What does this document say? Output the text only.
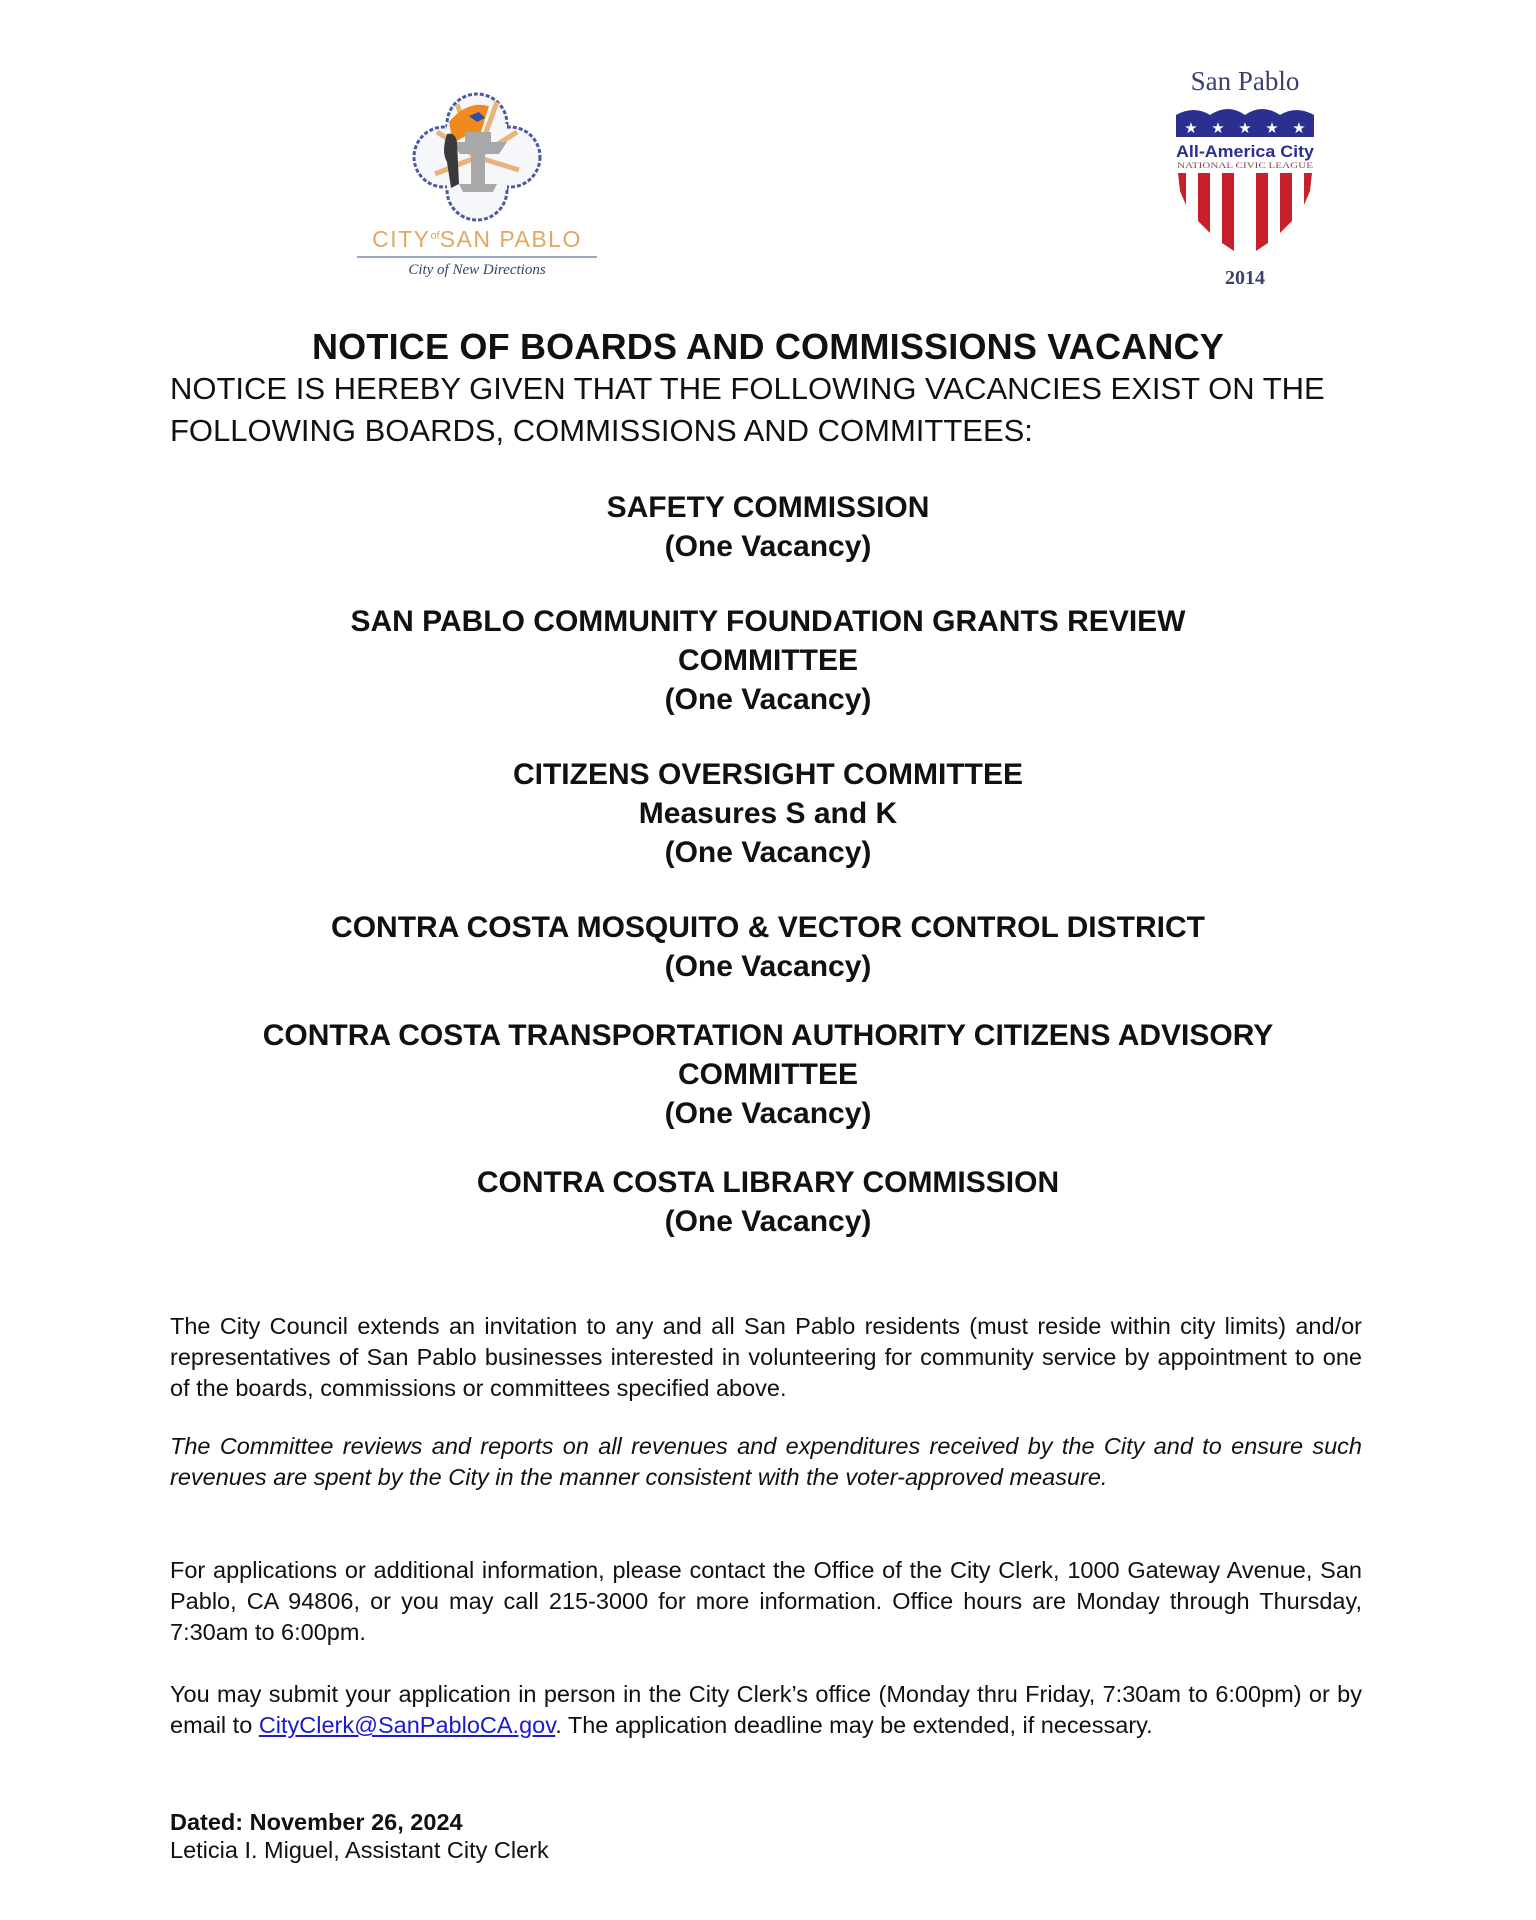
$CITY^{of}SAN$ PABLO
City of New Directions
San Pablo
★ ★ ★ ★ ★
All-America City
NATIONAL CIVIC LEAGUE
2014
NOTICE OF BOARDS AND COMMISSIONS VACANCY
NOTICE IS HEREBY GIVEN THAT THE FOLLOWING VACANCIES EXIST ON THE FOLLOWING BOARDS, COMMISSIONS AND COMMITTEES:
SAFETY COMMISSION
(One Vacancy)
SAN PABLO COMMUNITY FOUNDATION GRANTS REVIEW COMMITTEE
(One Vacancy)
CITIZENS OVERSIGHT COMMITTEE
Measures S and K
(One Vacancy)
CONTRA COSTA MOSQUITO & VECTOR CONTROL DISTRICT
(One Vacancy)
CONTRA COSTA TRANSPORTATION AUTHORITY CITIZENS ADVISORY COMMITTEE
(One Vacancy)
CONTRA COSTA LIBRARY COMMISSION
(One Vacancy)
The City Council extends an invitation to any and all San Pablo residents (must reside within city limits) and/or representatives of San Pablo businesses interested in volunteering for community service by appointment to one of the boards, commissions or committees specified above.
The Committee reviews and reports on all revenues and expenditures received by the City and to ensure such revenues are spent by the City in the manner consistent with the voter-approved measure.
For applications or additional information, please contact the Office of the City Clerk, 1000 Gateway Avenue, San Pablo, CA 94806, or you may call 215-3000 for more information. Office hours are Monday through Thursday, 7:30am to 6:00pm.
You may submit your application in person in the City Clerk’s office (Monday thru Friday, 7:30am to 6:00pm) or by email to CityClerk@SanPabloCA.gov. The application deadline may be extended, if necessary.
Dated: November 26, 2024
Leticia I. Miguel, Assistant City Clerk
